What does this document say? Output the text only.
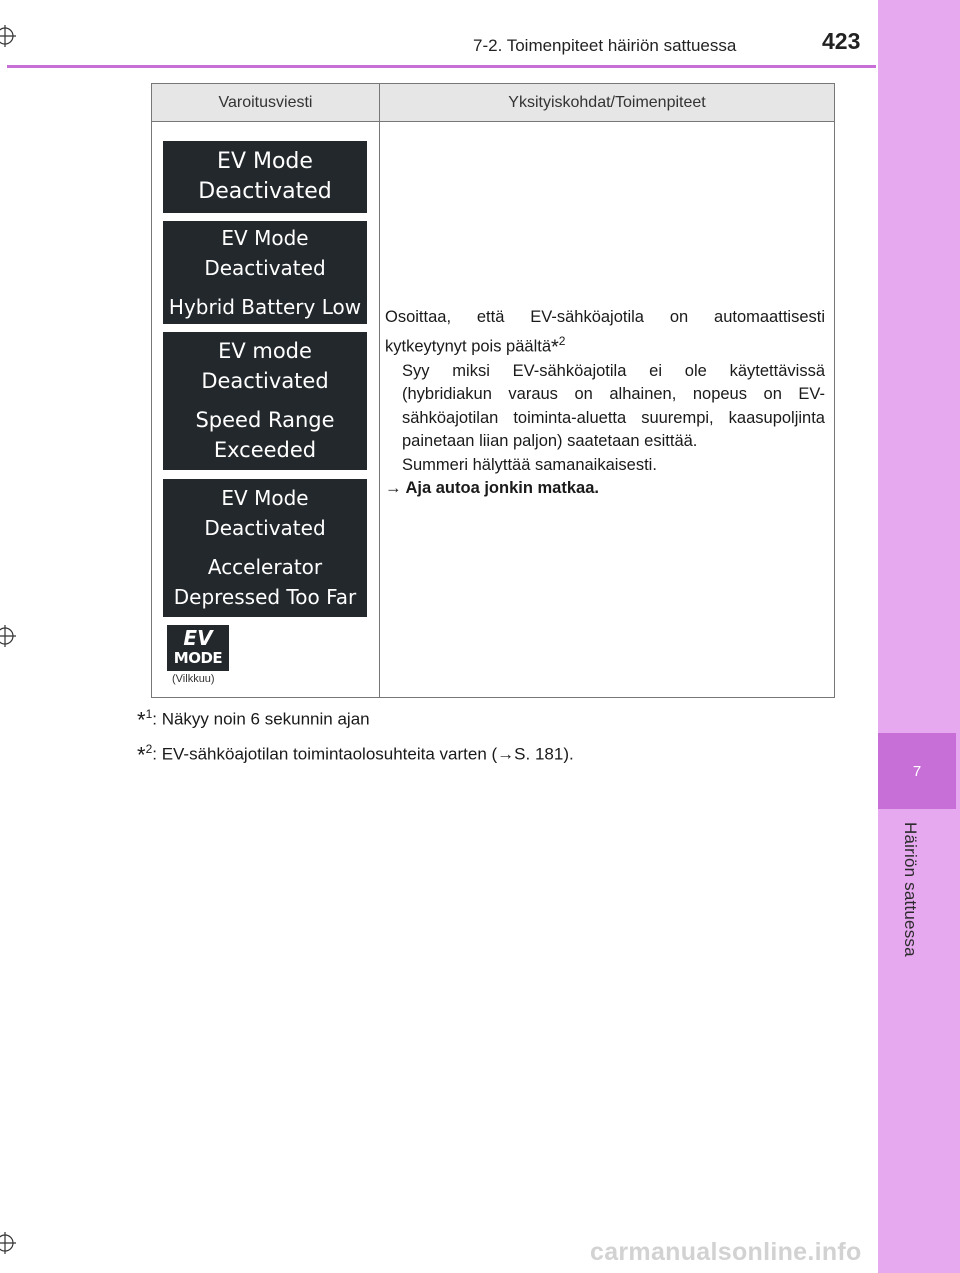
7
Häiriön sattuessa
7-2. Toimenpiteet häiriön sattuessa	423
Varoitusviesti	Yksityiskohdat/Toimenpiteet
EV Mode
Deactivated
EV Mode
Deactivated
Hybrid Battery Low
EV mode
Deactivated
Speed Range
Exceeded
EV Mode
Deactivated
Accelerator
Depressed Too Far
EV
MODE
(Vilkkuu)
Osoittaa, että EV-sähköajotila on automaattisesti kytkeytynyt pois päältä*$^2$
Syy miksi EV-sähköajotila ei ole käytettävissä (hybridiakun varaus on alhainen, nopeus on EV-sähköajotilan toiminta-aluetta suurempi, kaasupoljinta painetaan liian paljon) saatetaan esittää.
Summeri hälyttää samanaikaisesti.
→ Aja autoa jonkin matkaa.
*$^1$: Näkyy noin 6 sekunnin ajan
*$^2$: EV-sähköajotilan toimintaolosuhteita varten (→S. 181).
carmanualsonline.info
